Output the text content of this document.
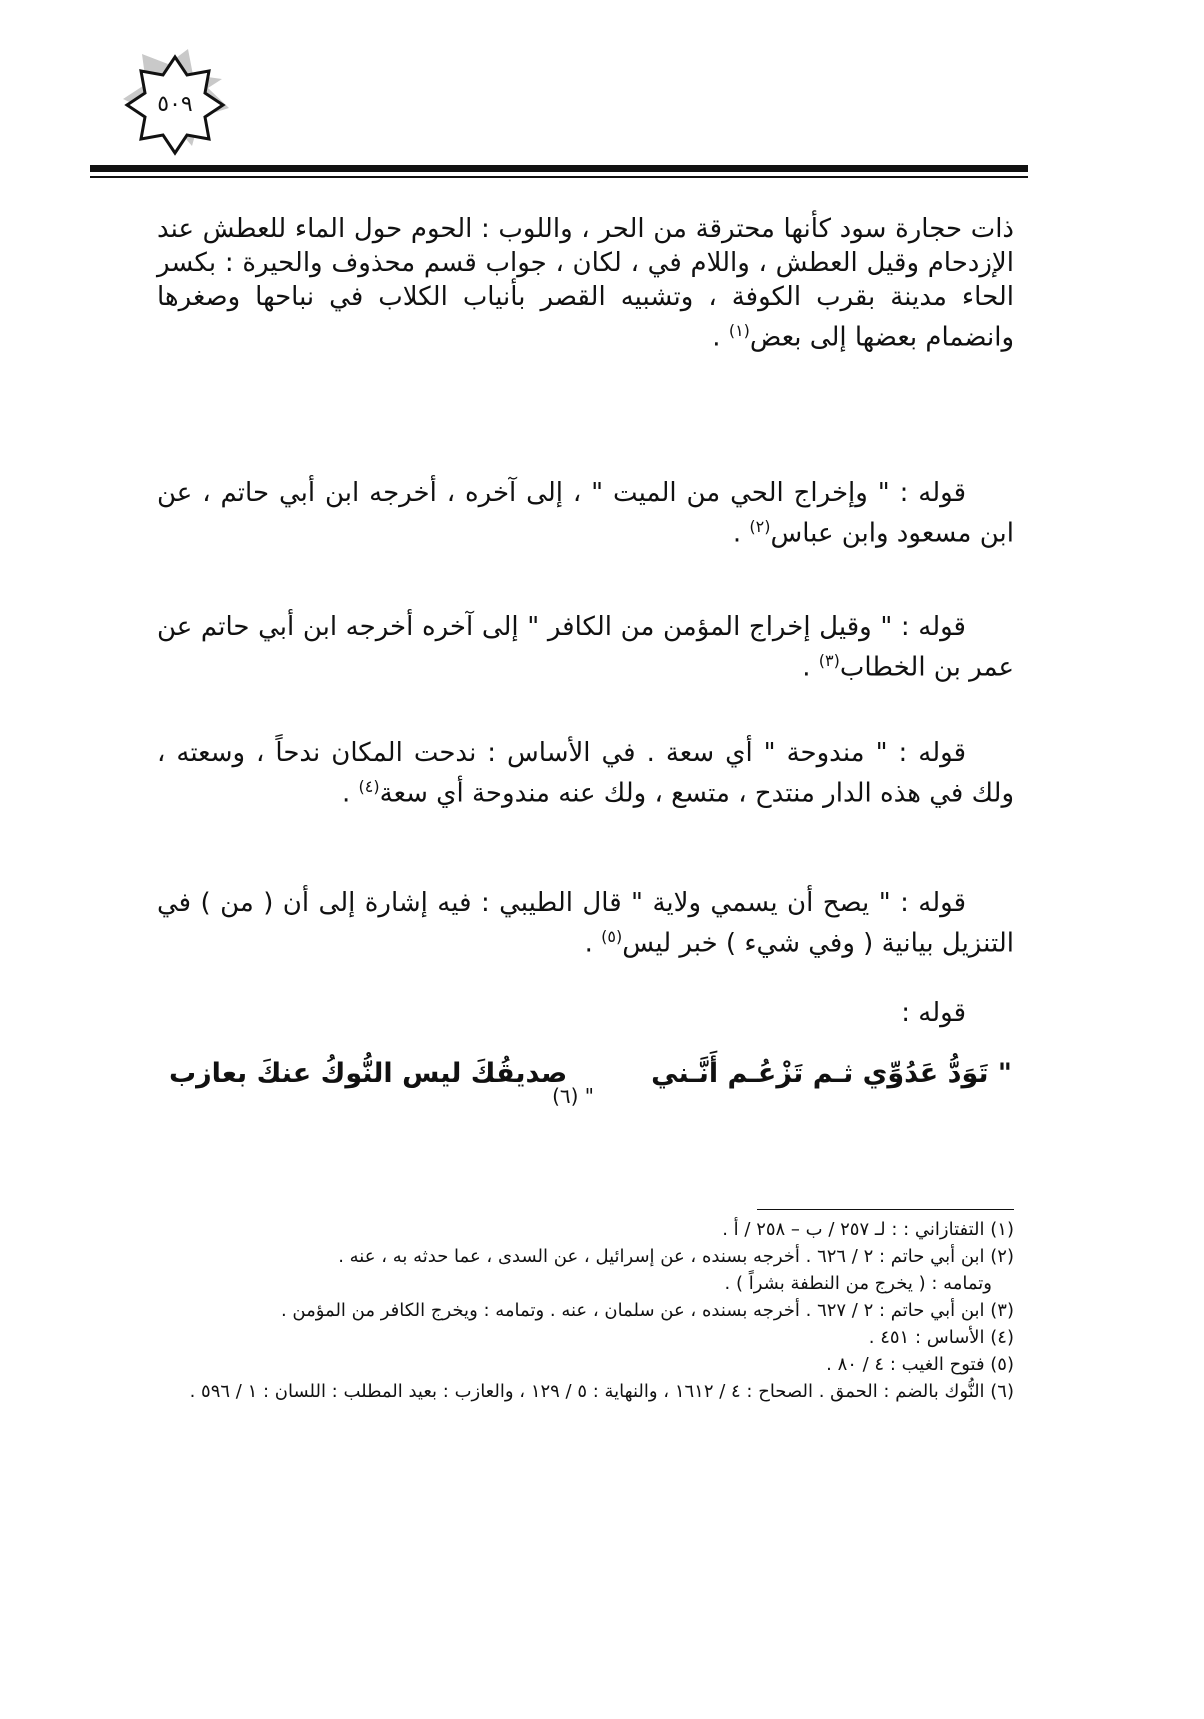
٥٠٩

ذات حجارة سود كأنها محترقة من الحر ، واللوب : الحوم حول الماء للعطش عند الإزدحام وقيل العطش ، واللام في ، لكان ، جواب قسم محذوف والحيرة : بكسر الحاء مدينة بقرب الكوفة ، وتشبيه القصر بأنياب الكلاب في نباحها وصغرها وانضمام بعضها إلى بعض$^{(١)}$ .

قوله : " وإخراج الحي من الميت " ، إلى آخره ، أخرجه ابن أبي حاتم ، عن ابن مسعود وابن عباس$^{(٢)}$ .

قوله : " وقيل إخراج المؤمن من الكافر " إلى آخره أخرجه ابن أبي حاتم عن عمر بن الخطاب$^{(٣)}$ .

قوله : " مندوحة " أي سعة . في الأساس : ندحت المكان ندحاً ، وسعته ، ولك في هذه الدار منتدح ، متسع ، ولك عنه مندوحة أي سعة$^{(٤)}$ .

قوله : " يصح أن يسمي ولاية " قال الطيبي : فيه إشارة إلى أن ( من ) في التنزيل بيانية ( وفي شيء ) خبر ليس$^{(٥)}$ .

قوله :

" تَوَدُّ عَدُوِّي ثـم تَزْعُـم أَنَّـني
صديقُكَ ليس النُّوكُ عنكَ بعازب
" (٦)

(١) التفتازاني : : لـ ٢٥٧ / ب – ٢٥٨ / أ .

(٢) ابن أبي حاتم : ٢ / ٦٢٦ . أخرجه بسنده ، عن إسرائيل ، عن السدى ، عما حدثه به ، عنه .

وتمامه : ( يخرج من النطفة بشراً ) .

(٣) ابن أبي حاتم : ٢ / ٦٢٧ . أخرجه بسنده ، عن سلمان ، عنه . وتمامه : ويخرج الكافر من المؤمن .

(٤) الأساس : ٤٥١ .

(٥) فتوح الغيب : ٤ / ٨٠ .

(٦) النُّوك بالضم : الحمق . الصحاح : ٤ / ١٦١٢ ، والنهاية : ٥ / ١٢٩ ، والعازب : بعيد المطلب : اللسان : ١ / ٥٩٦ .
